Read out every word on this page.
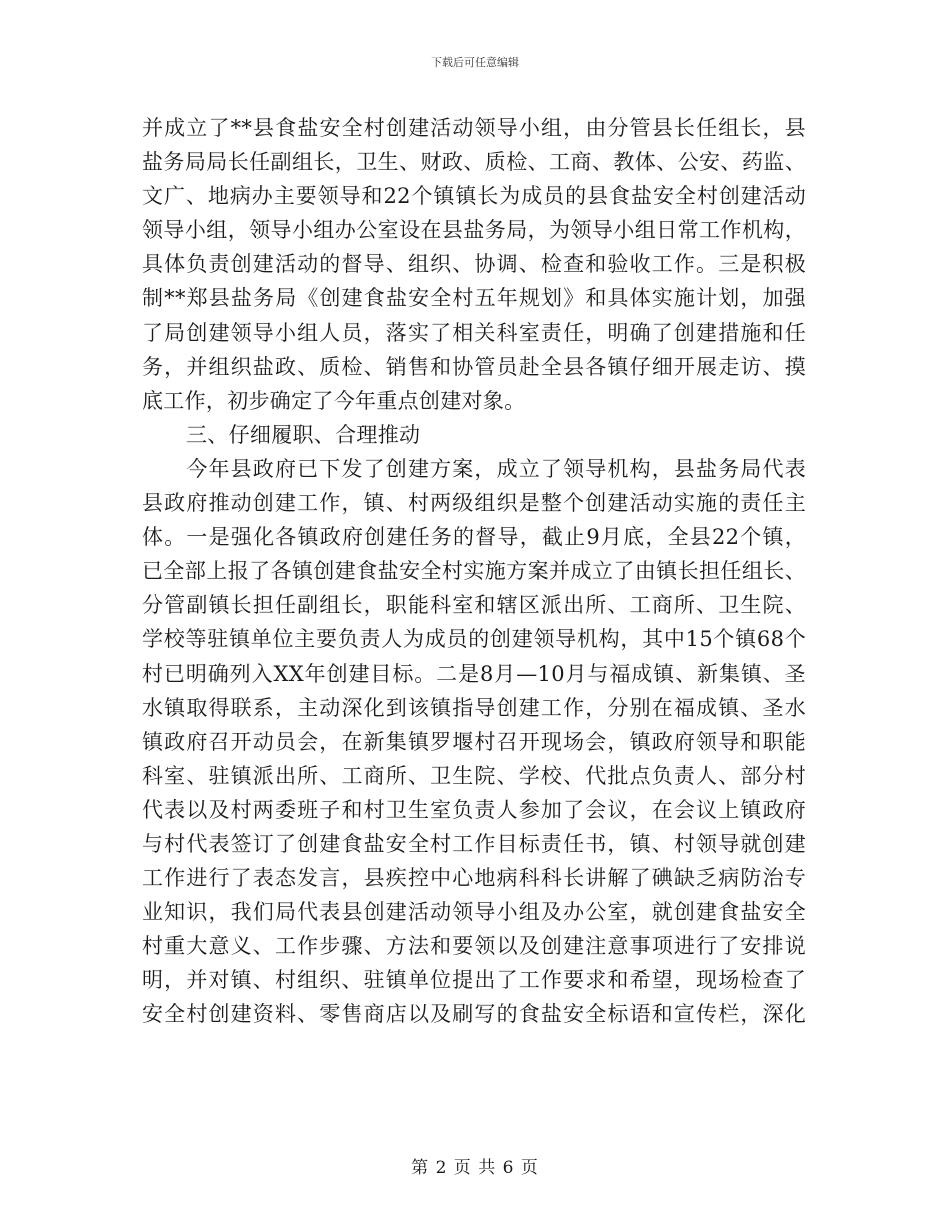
下载后可任意编辑
并成立了**县食盐安全村创建活动领导小组，由分管县长任组长，县
盐务局局长任副组长，卫生、财政、质检、工商、教体、公安、药监、
文广、地病办主要领导和22个镇镇长为成员的县食盐安全村创建活动
领导小组，领导小组办公室设在县盐务局，为领导小组日常工作机构，
具体负责创建活动的督导、组织、协调、检查和验收工作。三是积极
制**郑县盐务局《创建食盐安全村五年规划》和具体实施计划，加强
了局创建领导小组人员，落实了相关科室责任，明确了创建措施和任
务，并组织盐政、质检、销售和协管员赴全县各镇仔细开展走访、摸
底工作，初步确定了今年重点创建对象。
三、仔细履职、合理推动
　　今年县政府已下发了创建方案，成立了领导机构，县盐务局代表
县政府推动创建工作，镇、村两级组织是整个创建活动实施的责任主
体。一是强化各镇政府创建任务的督导，截止9月底，全县22个镇，
已全部上报了各镇创建食盐安全村实施方案并成立了由镇长担任组长、
分管副镇长担任副组长，职能科室和辖区派出所、工商所、卫生院、
学校等驻镇单位主要负责人为成员的创建领导机构，其中15个镇68个
村已明确列入XX年创建目标。二是8月—10月与福成镇、新集镇、圣
水镇取得联系，主动深化到该镇指导创建工作，分别在福成镇、圣水
镇政府召开动员会，在新集镇罗堰村召开现场会，镇政府领导和职能
科室、驻镇派出所、工商所、卫生院、学校、代批点负责人、部分村
代表以及村两委班子和村卫生室负责人参加了会议，在会议上镇政府
与村代表签订了创建食盐安全村工作目标责任书，镇、村领导就创建
工作进行了表态发言，县疾控中心地病科科长讲解了碘缺乏病防治专
业知识，我们局代表县创建活动领导小组及办公室，就创建食盐安全
村重大意义、工作步骤、方法和要领以及创建注意事项进行了安排说
明，并对镇、村组织、驻镇单位提出了工作要求和希望，现场检查了
安全村创建资料、零售商店以及刷写的食盐安全标语和宣传栏，深化
第 2 页 共 6 页
